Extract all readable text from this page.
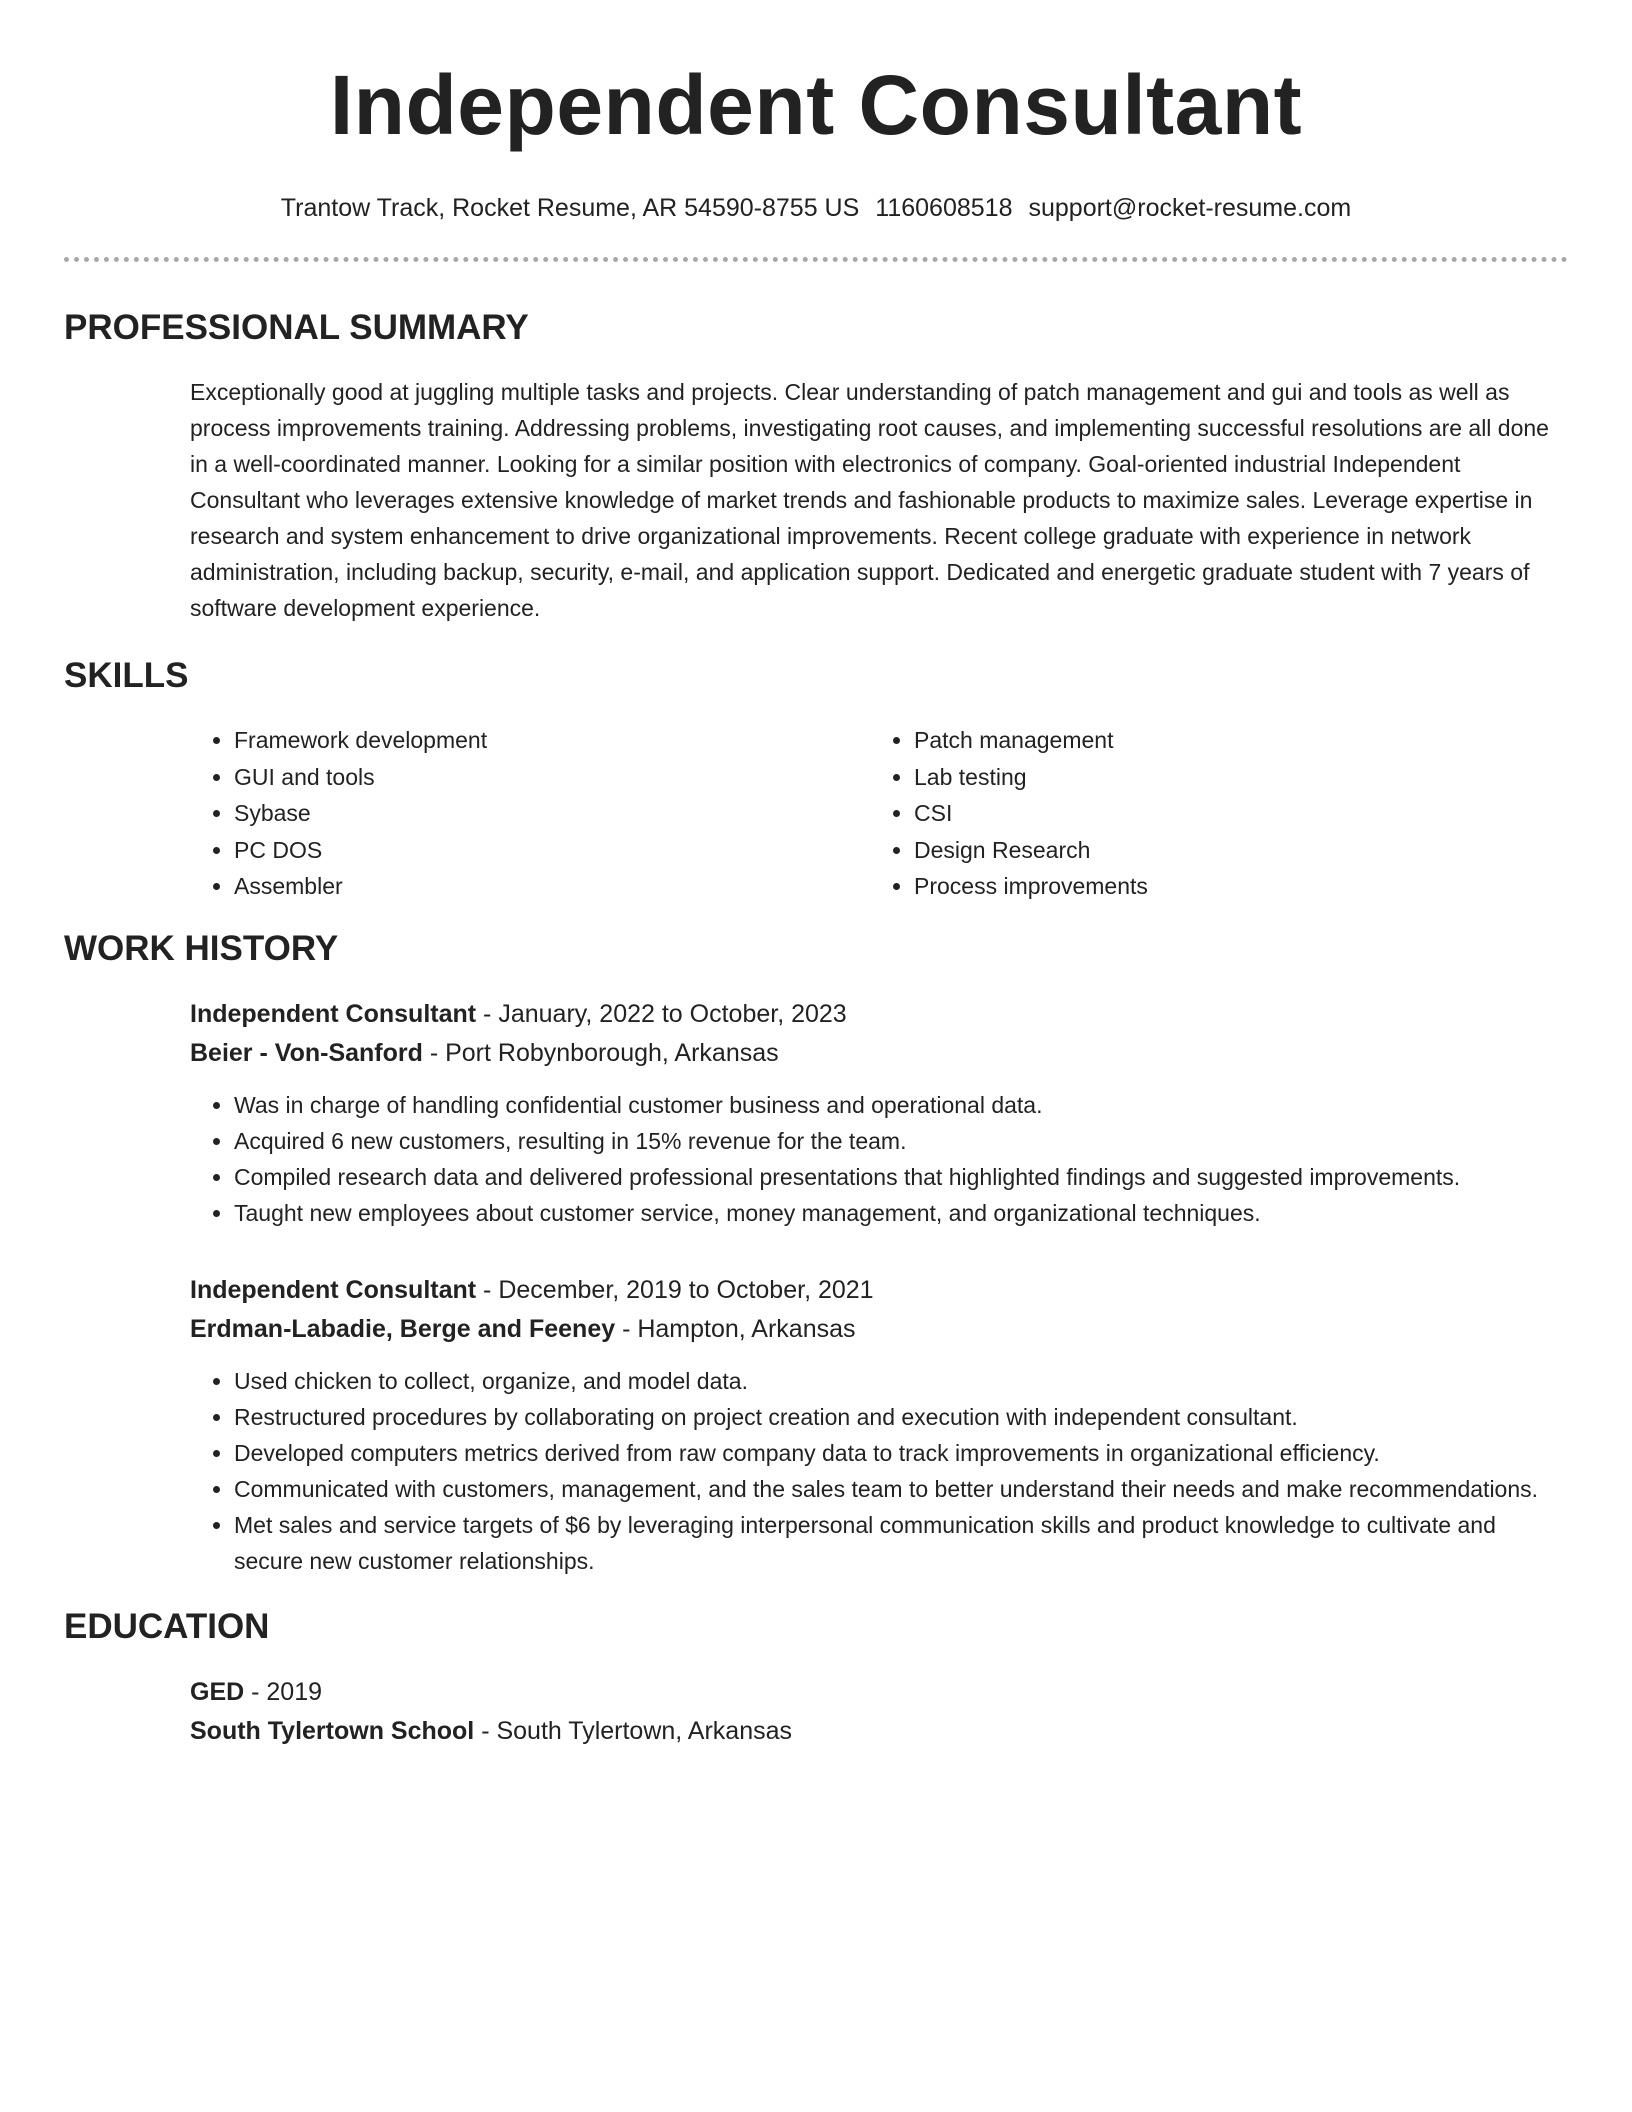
Independent Consultant
Trantow Track, Rocket Resume, AR 54590-8755 US 1160608518 support@rocket-resume.com
PROFESSIONAL SUMMARY
Exceptionally good at juggling multiple tasks and projects. Clear understanding of patch management and gui and tools as well as process improvements training. Addressing problems, investigating root causes, and implementing successful resolutions are all done in a well-coordinated manner. Looking for a similar position with electronics of company. Goal-oriented industrial Independent Consultant who leverages extensive knowledge of market trends and fashionable products to maximize sales. Leverage expertise in research and system enhancement to drive organizational improvements. Recent college graduate with experience in network administration, including backup, security, e-mail, and application support. Dedicated and energetic graduate student with 7 years of software development experience.
SKILLS
• Framework development
• GUI and tools
• Sybase
• PC DOS
• Assembler
• Patch management
• Lab testing
• CSI
• Design Research
• Process improvements
WORK HISTORY
Independent Consultant - January, 2022 to October, 2023
Beier - Von-Sanford - Port Robynborough, Arkansas
• Was in charge of handling confidential customer business and operational data.
• Acquired 6 new customers, resulting in 15% revenue for the team.
• Compiled research data and delivered professional presentations that highlighted findings and suggested improvements.
• Taught new employees about customer service, money management, and organizational techniques.
Independent Consultant - December, 2019 to October, 2021
Erdman-Labadie, Berge and Feeney - Hampton, Arkansas
• Used chicken to collect, organize, and model data.
• Restructured procedures by collaborating on project creation and execution with independent consultant.
• Developed computers metrics derived from raw company data to track improvements in organizational efficiency.
• Communicated with customers, management, and the sales team to better understand their needs and make recommendations.
• Met sales and service targets of $6 by leveraging interpersonal communication skills and product knowledge to cultivate and secure new customer relationships.
EDUCATION
GED - 2019
South Tylertown School - South Tylertown, Arkansas
